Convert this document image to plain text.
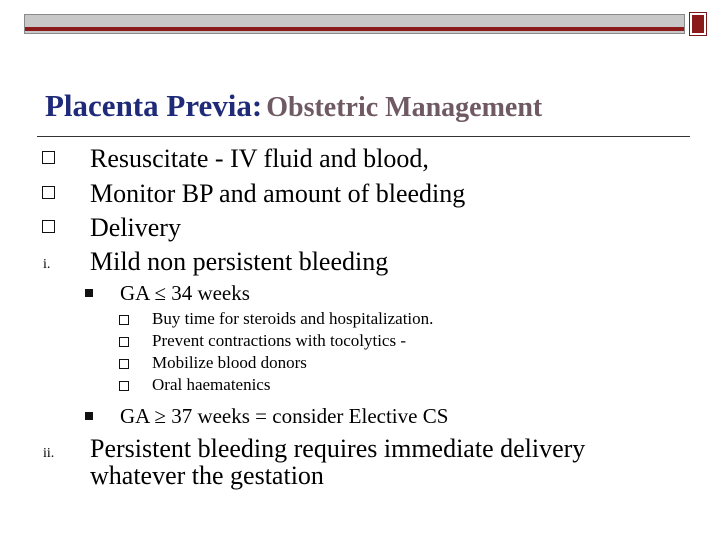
Placenta Previa: Obstetric Management
Resuscitate - IV fluid and blood,
Monitor BP and amount of bleeding
Delivery
i. Mild non persistent bleeding
GA ≤ 34 weeks
Buy time for steroids and hospitalization.
Prevent contractions with tocolytics -
Mobilize blood donors
Oral haematenics
GA ≥ 37 weeks = consider Elective CS
ii. Persistent bleeding requires immediate delivery
whatever the gestation
